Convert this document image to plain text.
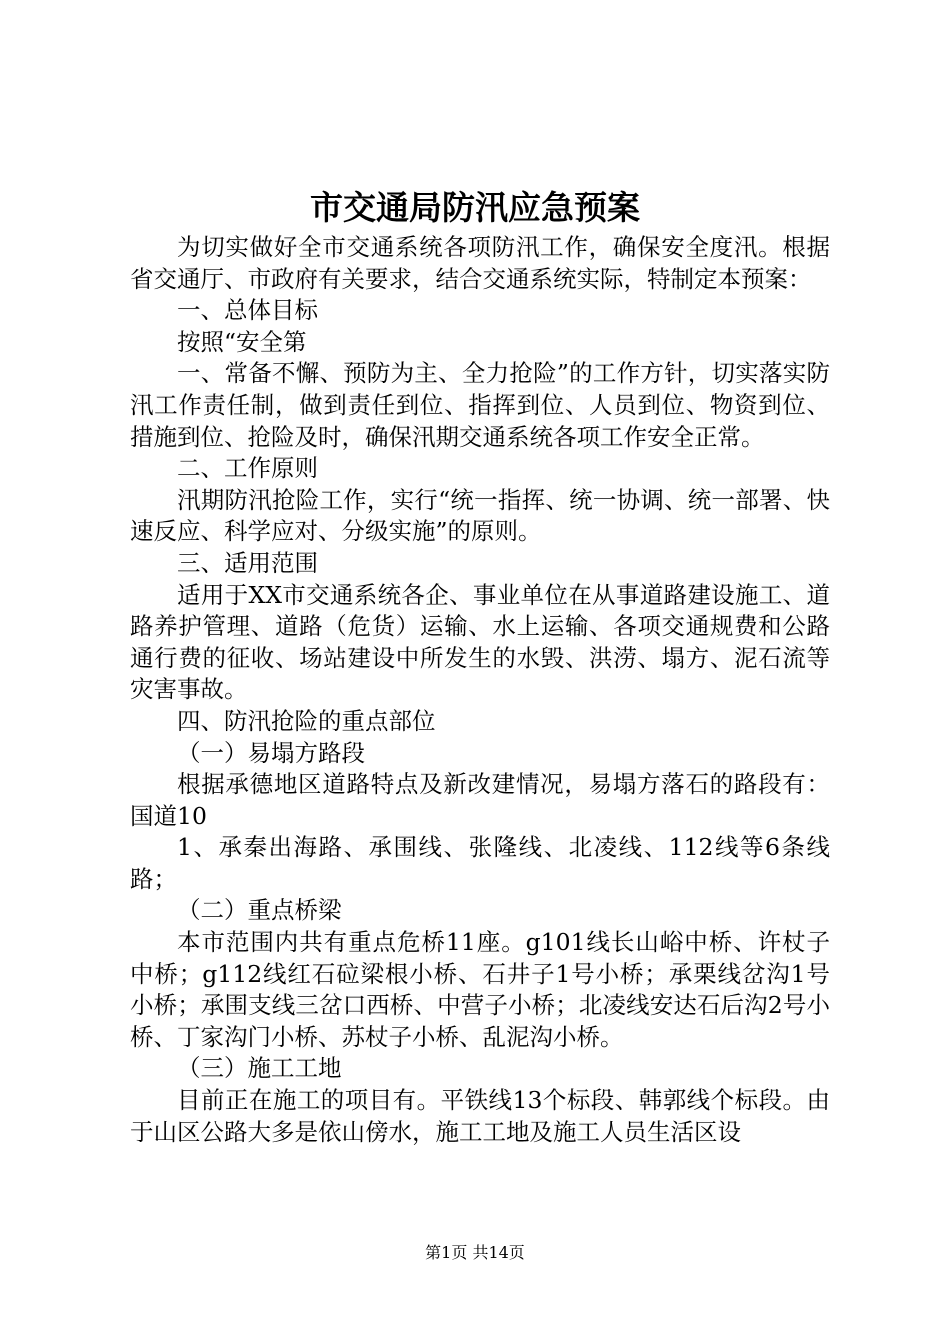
市交通局防汛应急预案

为切实做好全市交通系统各项防汛工作，确保安全度汛。根据省交通厅、市政府有关要求，结合交通系统实际，特制定本预案：

一、总体目标

按照“安全第

一、常备不懈、预防为主、全力抢险”的工作方针，切实落实防汛工作责任制，做到责任到位、指挥到位、人员到位、物资到位、措施到位、抢险及时，确保汛期交通系统各项工作安全正常。

二、工作原则

汛期防汛抢险工作，实行“统一指挥、统一协调、统一部署、快速反应、科学应对、分级实施”的原则。

三、适用范围

适用于XX市交通系统各企、事业单位在从事道路建设施工、道路养护管理、道路（危货）运输、水上运输、各项交通规费和公路通行费的征收、场站建设中所发生的水毁、洪涝、塌方、泥石流等灾害事故。

四、防汛抢险的重点部位

（一）易塌方路段

根据承德地区道路特点及新改建情况，易塌方落石的路段有：国道10

1、承秦出海路、承围线、张隆线、北凌线、112线等6条线路；

（二）重点桥梁

本市范围内共有重点危桥11座。g101线长山峪中桥、许杖子中桥；g112线红石砬梁根小桥、石井子1号小桥；承栗线岔沟1号小桥；承围支线三岔口西桥、中营子小桥；北凌线安达石后沟2号小桥、丁家沟门小桥、苏杖子小桥、乱泥沟小桥。

（三）施工工地

目前正在施工的项目有。平铁线13个标段、韩郭线个标段。由于山区公路大多是依山傍水，施工工地及施工人员生活区设

第1页 共14页
